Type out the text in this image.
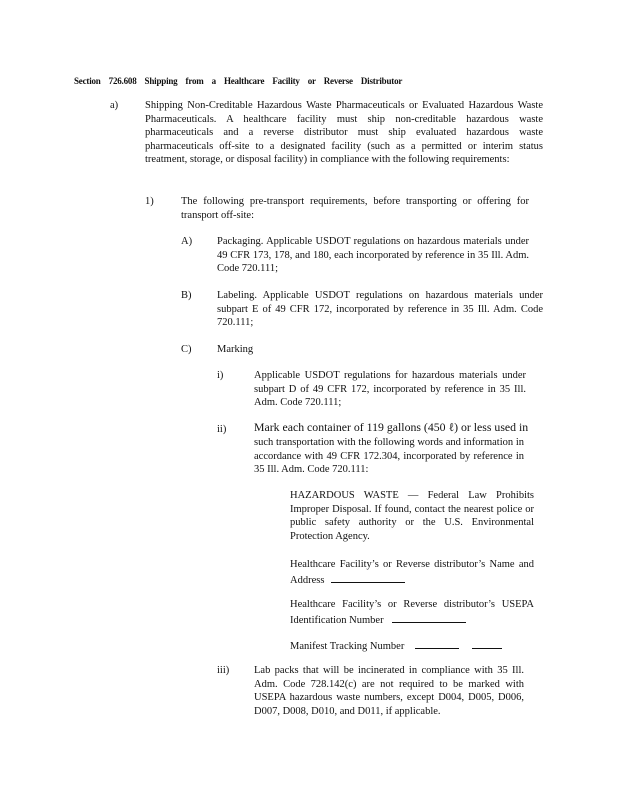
Section 726.608 Shipping from a Healthcare Facility or Reverse Distributor
a)	Shipping Non-Creditable Hazardous Waste Pharmaceuticals or Evaluated Hazardous Waste Pharmaceuticals. A healthcare facility must ship non-creditable hazardous waste pharmaceuticals and a reverse distributor must ship evaluated hazardous waste pharmaceuticals off-site to a designated facility (such as a permitted or interim status treatment, storage, or disposal facility) in compliance with the following requirements:
1)	The following pre-transport requirements, before transporting or offering for transport off-site:
A) Packaging. Applicable USDOT regulations on hazardous materials under 49 CFR 173, 178, and 180, each incorporated by reference in 35 Ill. Adm. Code 720.111;
B) Labeling. Applicable USDOT regulations on hazardous materials under subpart E of 49 CFR 172, incorporated by reference in 35 Ill. Adm. Code 720.111;
C) Marking
i)	Applicable USDOT regulations for hazardous materials under subpart D of 49 CFR 172, incorporated by reference in 35 Ill. Adm. Code 720.111;
ii) Mark each container of 119 gallons (450 ℓ) or less used in
such transportation with the following words and information in accordance with 49 CFR 172.304, incorporated by reference in 35 Ill. Adm. Code 720.111:
HAZARDOUS WASTE — Federal Law Prohibits Improper Disposal. If found, contact the nearest police or public safety authority or the U.S. Environmental Protection Agency.
Healthcare Facility’s or Reverse distributor’s Name and Address
Healthcare Facility’s or Reverse distributor’s USEPA Identification Number
Manifest Tracking Number
iii) Lab packs that will be incinerated in compliance with 35 Ill. Adm. Code 728.142(c) are not required to be marked with USEPA hazardous waste numbers, except D004, D005, D006, D007, D008, D010, and D011, if applicable.
